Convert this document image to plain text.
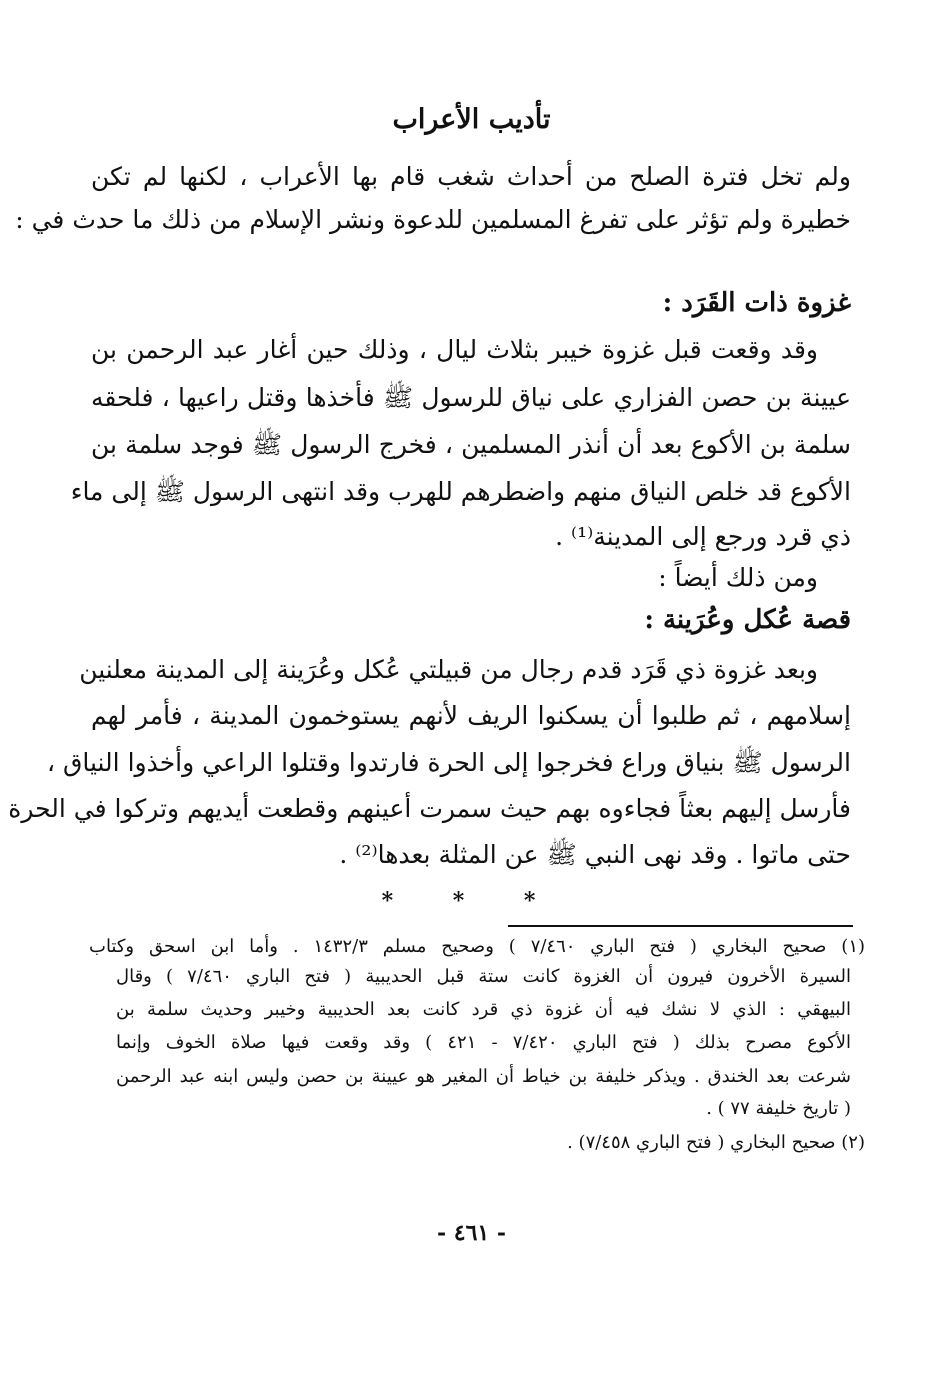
تأديب الأعراب

ولم تخل فترة الصلح من أحداث شغب قام بها الأعراب ، لكنها لم تكن

خطيرة ولم تؤثر على تفرغ المسلمين للدعوة ونشر الإسلام من ذلك ما حدث في :

غزوة ذات القَرَد :

وقد وقعت قبل غزوة خيبر بثلاث ليال ، وذلك حين أغار عبد الرحمن بن

عيينة بن حصن الفزاري على نياق للرسول ﷺ فأخذها وقتل راعيها ، فلحقه

سلمة بن الأكوع بعد أن أنذر المسلمين ، فخرج الرسول ﷺ فوجد سلمة بن

الأكوع قد خلص النياق منهم واضطرهم للهرب وقد انتهى الرسول ﷺ إلى ماء

ذي قرد ورجع إلى المدينة⁽¹⁾ .

ومن ذلك أيضاً :

قصة عُكل وعُرَينة :

وبعد غزوة ذي قَرَد قدم رجال من قبيلتي عُكل وعُرَينة إلى المدينة معلنين

إسلامهم ، ثم طلبوا أن يسكنوا الريف لأنهم يستوخمون المدينة ، فأمر لهم

الرسول ﷺ بنياق وراع فخرجوا إلى الحرة فارتدوا وقتلوا الراعي وأخذوا النياق ،

فأرسل إليهم بعثاً فجاءوه بهم حيث سمرت أعينهم وقطعت أيديهم وتركوا في الحرة

حتى ماتوا . وقد نهى النبي ﷺ عن المثلة بعدها⁽²⁾ .

* * *

(١) صحيح البخاري ( فتح الباري ٧/٤٦٠ ) وصحيح مسلم ١٤٣٢/٣ . وأما ابن اسحق وكتاب

السيرة الأخرون فيرون أن الغزوة كانت ستة قبل الحديبية ( فتح الباري ٧/٤٦٠ ) وقال

البيهقي : الذي لا نشك فيه أن غزوة ذي قرد كانت بعد الحديبية وخيبر وحديث سلمة بن

الأكوع مصرح بذلك ( فتح الباري ٧/٤٢٠ - ٤٢١ ) وقد وقعت فيها صلاة الخوف وإنما

شرعت بعد الخندق . ويذكر خليفة بن خياط أن المغير هو عيينة بن حصن وليس ابنه عبد الرحمن

( تاريخ خليفة ٧٧ ) .

(٢) صحيح البخاري ( فتح الباري ٧/٤٥٨) .

- ٤٦١ -
